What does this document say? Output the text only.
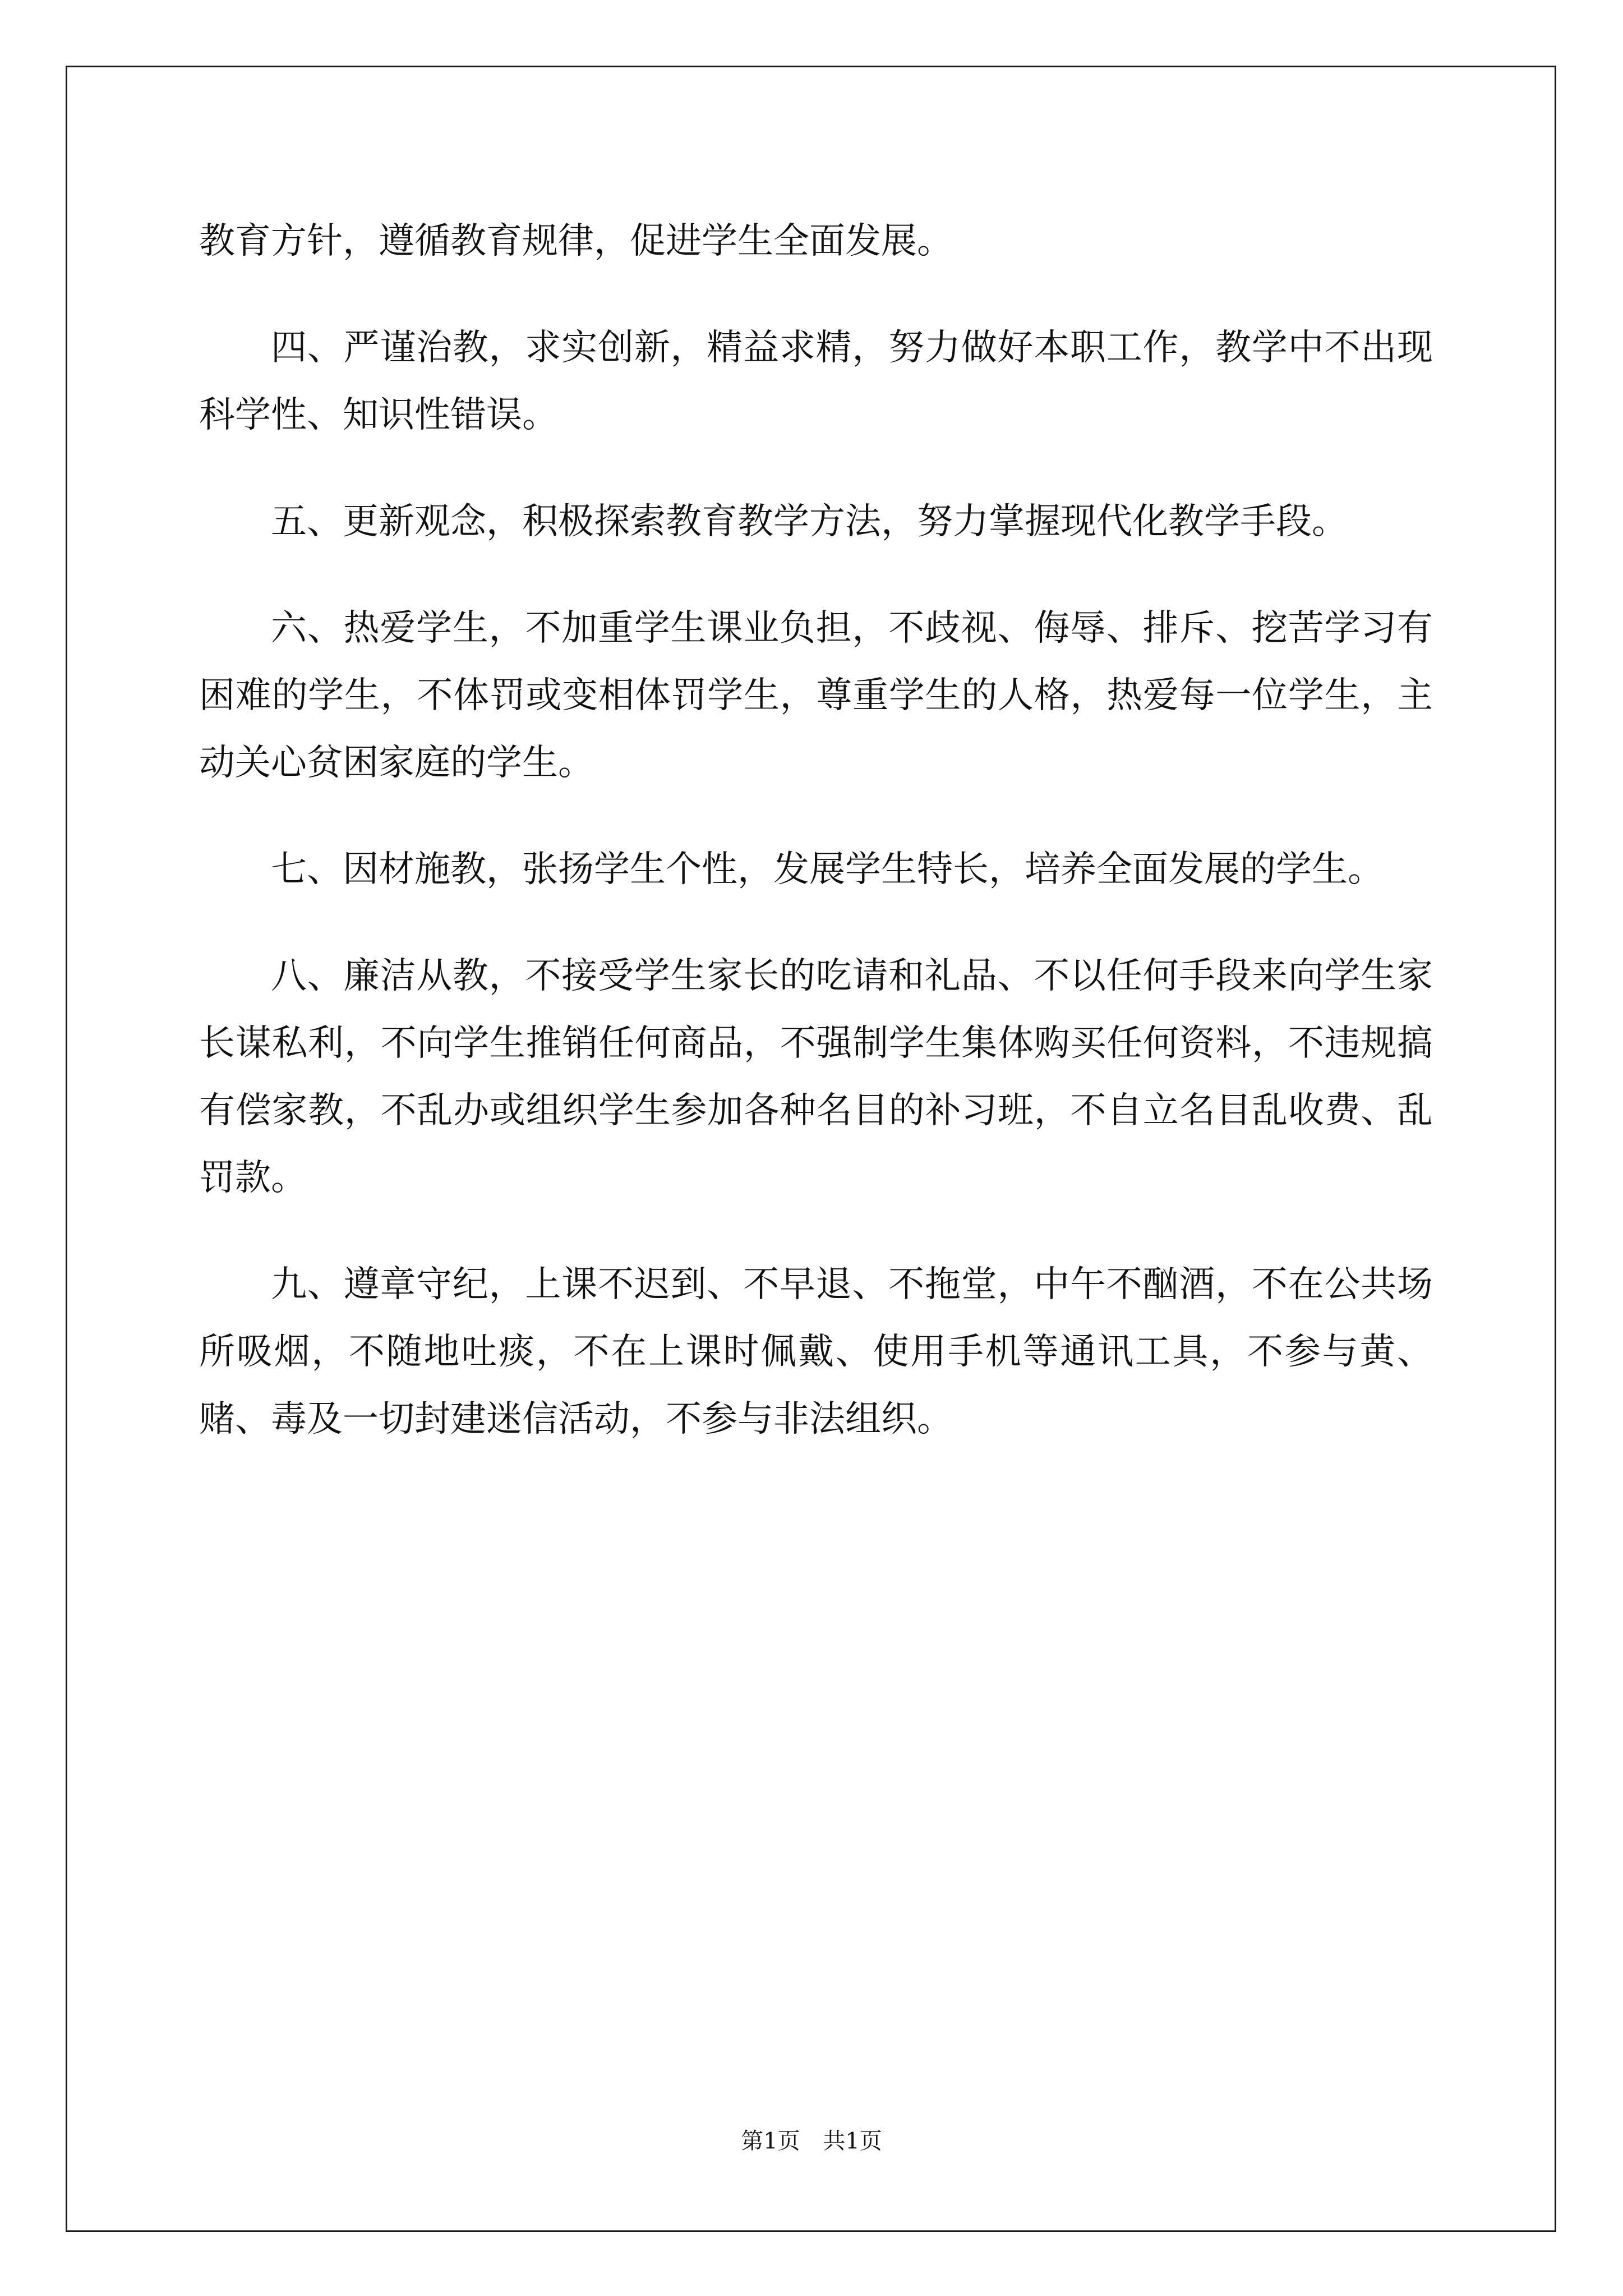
教育方针，遵循教育规律，促进学生全面发展。

四、严谨治教，求实创新，精益求精，努力做好本职工作，教学中不出现科学性、知识性错误。

五、更新观念，积极探索教育教学方法，努力掌握现代化教学手段。

六、热爱学生，不加重学生课业负担，不歧视、侮辱、排斥、挖苦学习有困难的学生，不体罚或变相体罚学生，尊重学生的人格，热爱每一位学生，主动关心贫困家庭的学生。

七、因材施教，张扬学生个性，发展学生特长，培养全面发展的学生。

八、廉洁从教，不接受学生家长的吃请和礼品、不以任何手段来向学生家长谋私利，不向学生推销任何商品，不强制学生集体购买任何资料，不违规搞有偿家教，不乱办或组织学生参加各种名目的补习班，不自立名目乱收费、乱罚款。

九、遵章守纪，上课不迟到、不早退、不拖堂，中午不酗酒，不在公共场所吸烟，不随地吐痰，不在上课时佩戴、使用手机等通讯工具，不参与黄、赌、毒及一切封建迷信活动，不参与非法组织。

第1页 共1页
